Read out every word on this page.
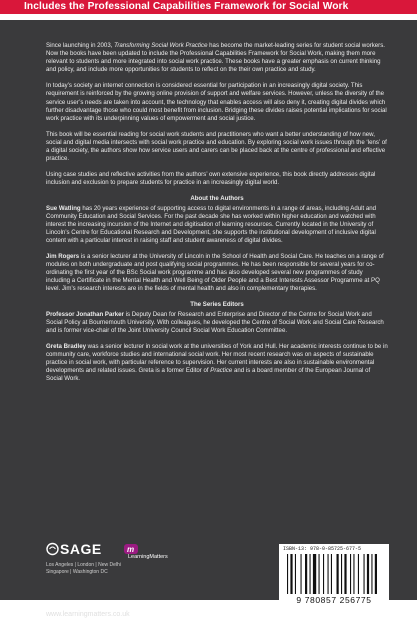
Includes the Professional Capabilities Framework for Social Work

Since launching in 2003, Transforming Social Work Practice has become the market-leading series for student social workers. Now the books have been updated to include the Professional Capabilities Framework for Social Work, making them more relevant to students and more integrated into social work practice. These books have a greater emphasis on current thinking and policy, and include more opportunities for students to reflect on the their own practice and study.

In today’s society an internet connection is considered essential for participation in an increasingly digital society. This requirement is reinforced by the growing online provision of support and welfare services. However, unless the diversity of the service user’s needs are taken into account, the technology that enables access will also deny it, creating digital divides which further disadvantage those who could most benefit from inclusion. Bridging these divides raises potential implications for social work practice with its underpinning values of empowerment and social justice.

This book will be essential reading for social work students and practitioners who want a better understanding of how new, social and digital media intersects with social work practice and education. By exploring social work issues through the ‘lens’ of a digital society, the authors show how service users and carers can be placed back at the centre of professional and effective practice.

Using case studies and reflective activities from the authors’ own extensive experience, this book directly addresses digital inclusion and exclusion to prepare students for practice in an increasingly digital world.

About the Authors

Sue Watling has 20 years experience of supporting access to digital environments in a range of areas, including Adult and Community Education and Social Services. For the past decade she has worked within higher education and watched with interest the increasing incursion of the Internet and digitisation of learning resources. Currently located in the University of Lincoln’s Centre for Educational Research and Development, she supports the institutional development of inclusive digital content with a particular interest in raising staff and student awareness of digital divides.

Jim Rogers is a senior lecturer at the University of Lincoln in the School of Health and Social Care. He teaches on a range of modules on both undergraduate and post qualifying social programmes. He has been responsible for several years for co-ordinating the first year of the BSc Social work programme and has also developed several new programmes of study including a Certificate in the Mental Health and Well Being of Older People and a Best Interests Assessor Programme at PQ level. Jim’s research interests are in the fields of mental health and also in complementary therapies.

The Series Editors

Professor Jonathan Parker is Deputy Dean for Research and Enterprise and Director of the Centre for Social Work and Social Policy at Bournemouth University. With colleagues, he developed the Centre of Social Work and Social Care Research and is former vice-chair of the Joint University Council Social Work Education Committee.

Greta Bradley was a senior lecturer in social work at the universities of York and Hull. Her academic interests continue to be in community care, workforce studies and international social work. Her most recent research was on aspects of sustainable practice in social work, with particular reference to supervision. Her current interests are also in sustainable environmental developments and related issues. Greta is a former Editor of Practice and is a board member of the European Journal of Social Work.

SAGE
Los Angeles | London | New Delhi
Singapore | Washington DC
m
LearningMatters
www.learningmatters.co.uk
ISBN-13: 978-0-85725-677-5
9 780857 256775
